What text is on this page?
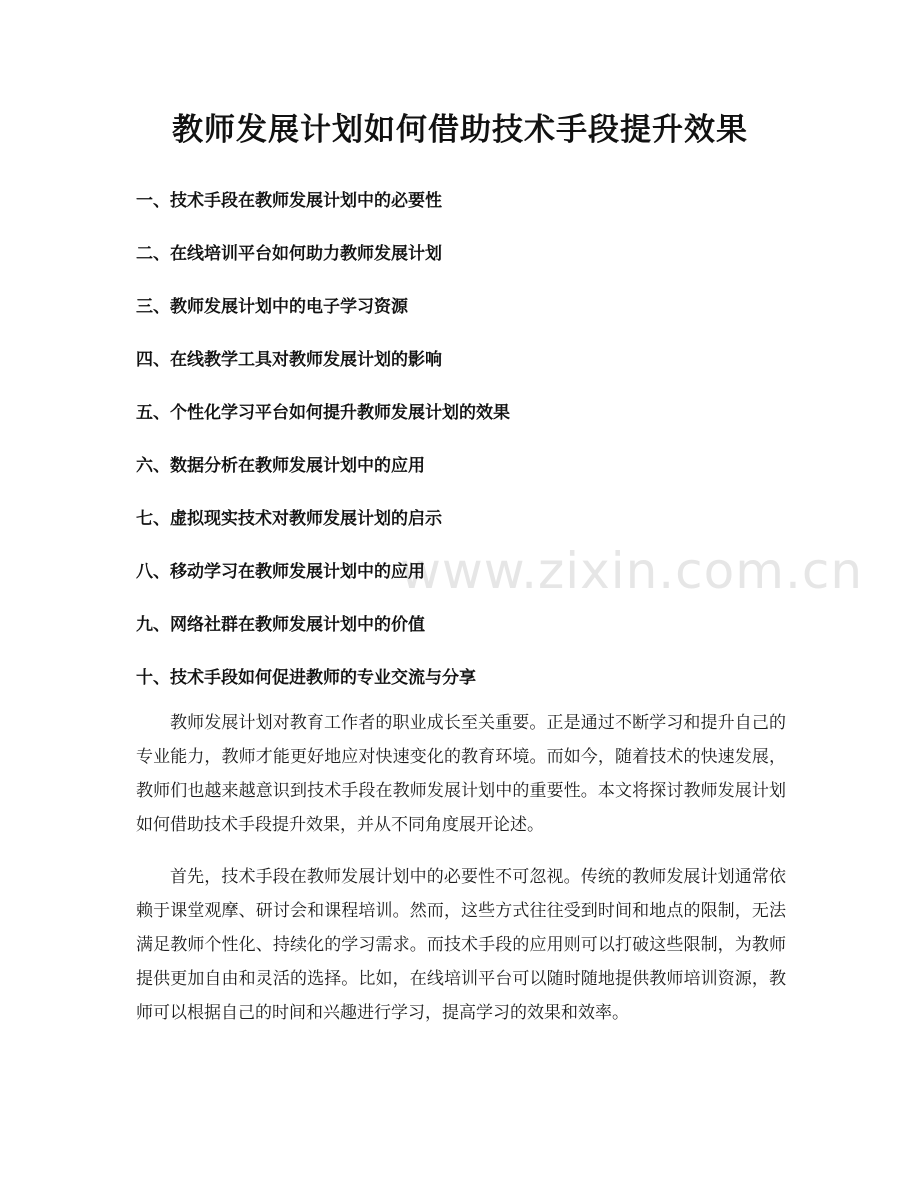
www.zixin.com.cn
教师发展计划如何借助技术手段提升效果
一、技术手段在教师发展计划中的必要性
二、在线培训平台如何助力教师发展计划
三、教师发展计划中的电子学习资源
四、在线教学工具对教师发展计划的影响
五、个性化学习平台如何提升教师发展计划的效果
六、数据分析在教师发展计划中的应用
七、虚拟现实技术对教师发展计划的启示
八、移动学习在教师发展计划中的应用
九、网络社群在教师发展计划中的价值
十、技术手段如何促进教师的专业交流与分享

教师发展计划对教育工作者的职业成长至关重要。正是通过不断学习和提升自己的专业能力，教师才能更好地应对快速变化的教育环境。而如今，随着技术的快速发展，教师们也越来越意识到技术手段在教师发展计划中的重要性。本文将探讨教师发展计划如何借助技术手段提升效果，并从不同角度展开论述。

首先，技术手段在教师发展计划中的必要性不可忽视。传统的教师发展计划通常依赖于课堂观摩、研讨会和课程培训。然而，这些方式往往受到时间和地点的限制，无法满足教师个性化、持续化的学习需求。而技术手段的应用则可以打破这些限制，为教师提供更加自由和灵活的选择。比如，在线培训平台可以随时随地提供教师培训资源，教师可以根据自己的时间和兴趣进行学习，提高学习的效果和效率。
